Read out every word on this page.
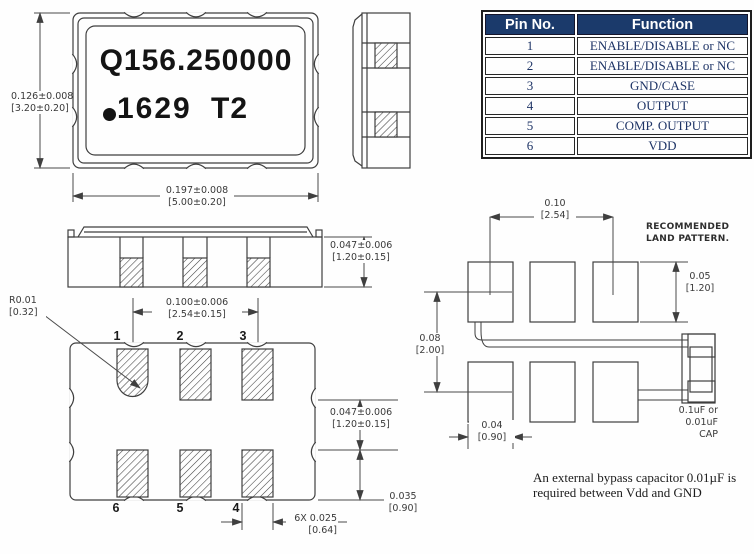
Q156.250000
1629 T2
0.126±0.008
[3.20±0.20]
0.197±0.008
[5.00±0.20]
0.047±0.006
[1.20±0.15]
0.100±0.006
[2.54±0.15]
0.047±0.006
[1.20±0.15]
0.035
[0.90]
6X 0.025
[0.64]
R0.01
[0.32]
1	2	3
6	5	4
0.10
[2.54]
0.05
[1.20]
0.08
[2.00]
0.04
[0.90]
RECOMMENDED
LAND PATTERN.
0.1uF or
0.01uF
CAP
An external bypass capacitor 0.01µF is
required between Vdd and GND
Pin No.	Function
1	ENABLE/DISABLE or NC
2	ENABLE/DISABLE or NC
3	GND/CASE
4	OUTPUT
5	COMP. OUTPUT
6	VDD
